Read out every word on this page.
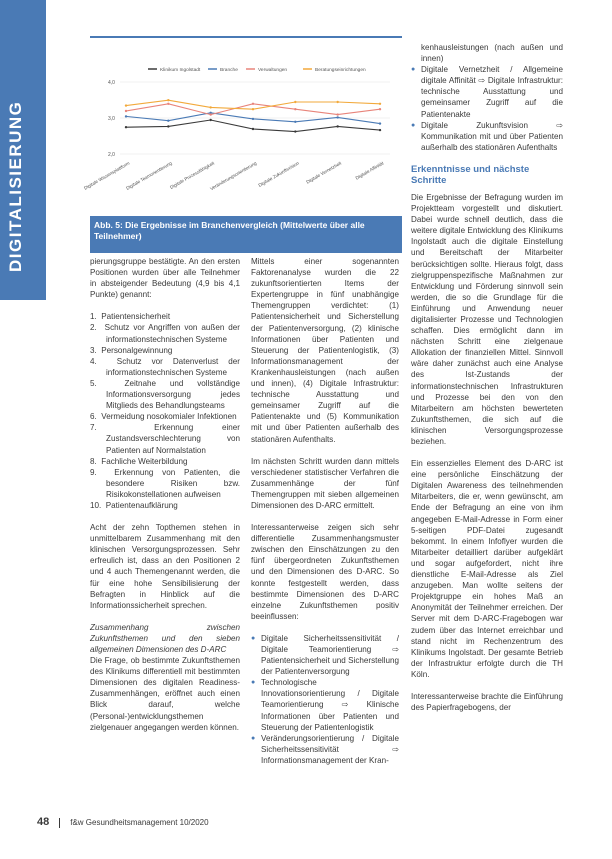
DIGITALISIERUNG
Klinikum Ingolstadt	Branche	Verwaltungen	Beratungseinrichtungen
4,0
3,0
2,0
Digitale Wissensplattform
Digitale Teamorientierung
Digitale Prozessfähigkeit
Veränderungsorientierung Digitale Zukunftsvision Digitale Vernetzheit	Digitale Affinität
Abb. 5: Die Ergebnisse im Branchenvergleich (Mittelwerte über alle Teilnehmer)

pierungsgruppe bestätigte. An den ersten Positionen wurden über alle Teilnehmer in absteigender Bedeutung (4,9 bis 4,1 Punkte) genannt:

1.  Patientensicherheit
2.  Schutz vor Angriffen von außen der informationstechnischen Systeme
3.  Personalgewinnung
4.  Schutz vor Datenverlust der informationstechnischen Systeme
5.  Zeitnahe und vollständige Informationsversorgung jedes Mitglieds des Behandlungsteams
6.  Vermeidung nosokomialer Infektionen
7.  Erkennung einer Zustandsverschlechterung von Patienten auf Normalstation
8.  Fachliche Weiterbildung
9.  Erkennung von Patienten, die besondere Risiken bzw. Risikokonstellationen aufweisen
10.  Patientenaufklärung

Acht der zehn Topthemen stehen in unmittelbarem Zusammenhang mit den klinischen Versorgungsprozessen. Sehr erfreulich ist, dass an den Positionen 2 und 4 auch Themengenannt werden, die für eine hohe Sensibilisierung der Befragten in Hinblick auf die Informationssicherheit sprechen.

Zusammenhang zwischen Zukunftsthemen und den sieben allgemeinen Dimensionen des D-ARC

Die Frage, ob bestimmte Zukunftsthemen des Klinikums differentiell mit bestimmten Dimensionen des digitalen Readiness-Zusammenhängen, eröffnet auch einen Blick darauf, welche (Personal-)entwicklungsthemen zielgenauer angegangen werden können.

Mittels einer sogenannten Faktorenanalyse wurden die 22 zukunftsorientierten Items der Expertengruppe in fünf unabhängige Themengruppen verdichtet: (1) Patientensicherheit und Sicherstellung der Patientenversorgung, (2) klinische Informationen über Patienten und Steuerung der Patientenlogistik, (3) Informationsmanagement der Krankenhausleistungen (nach außen und innen), (4) Digitale Infrastruktur: technische Ausstattung und gemeinsamer Zugriff auf die Patientenakte und (5) Kommunikation mit und über Patienten außerhalb des stationären Aufenthalts.

Im nächsten Schritt wurden dann mittels verschiedener statistischer Verfahren die Zusammenhänge der fünf Themengruppen mit sieben allgemeinen Dimensionen des D-ARC ermittelt.

Interessanterweise zeigen sich sehr differentielle Zusammenhangsmuster zwischen den Einschätzungen zu den fünf übergeordneten Zukunftsthemen und den Dimensionen des D-ARC. So konnte festgestellt werden, dass bestimmte Dimensionen des D-ARC einzelne Zukunftsthemen positiv beeinflussen:

● Digitale Sicherheitssensitivität / Digitale Teamorientierung ⇨ Patientensicherheit und Sicherstellung der Patientenversorgung
● Technologische Innovationsorientierung / Digitale Teamorientierung ⇨ Klinische Informationen über Patienten und Steuerung der Patientenlogistik
● Veränderungsorientierung / Digitale Sicherheitssensitivität ⇨ Informationsmanagement der Kran-

kenhausleistungen (nach außen und innen)

● Digitale Vernetzheit / Allgemeine digitale Affinität ⇨ Digitale Infrastruktur: technische Ausstattung und gemeinsamer Zugriff auf die Patientenakte
● Digitale Zukunftsvision ⇨ Kommunikation mit und über Patienten außerhalb des stationären Aufenthalts
Erkenntnisse und nächste Schritte

Die Ergebnisse der Befragung wurden im Projektteam vorgestellt und diskutiert. Dabei wurde schnell deutlich, dass die weitere digitale Entwicklung des Klinikums Ingolstadt auch die digitale Einstellung und Bereitschaft der Mitarbeiter berücksichtigen sollte. Hieraus folgt, dass zielgruppenspezifische Maßnahmen zur Entwicklung und Förderung sinnvoll sein werden, die so die Grundlage für die Einführung und Anwendung neuer digitalisierter Prozesse und Technologien schaffen. Dies ermöglicht dann im nächsten Schritt eine zielgenaue Allokation der finanziellen Mittel. Sinnvoll wäre daher zunächst auch eine Analyse des Ist-Zustands der informationstechnischen Infrastrukturen und Prozesse bei den von den Mitarbeitern am höchsten bewerteten Zukunftsthemen, die sich auf die klinischen Versorgungsprozesse beziehen.

Ein essenzielles Element des D-ARC ist eine persönliche Einschätzung der Digitalen Awareness des teilnehmenden Mitarbeiters, die er, wenn gewünscht, am Ende der Befragung an eine von ihm angegeben E-Mail-Adresse in Form einer 5-seitigen PDF-Datei zugesandt bekommt. In einem Infoflyer wurden die Mitarbeiter detailliert darüber aufgeklärt und sogar aufgefordert, nicht ihre dienstliche E-Mail-Adresse als Ziel anzugeben. Man wollte seitens der Projektgruppe ein hohes Maß an Anonymität der Teilnehmer erreichen. Der Server mit dem D-ARC-Fragebogen war zudem über das Internet erreichbar und stand nicht im Rechenzentrum des Klinikums Ingolstadt. Der gesamte Betrieb der Infrastruktur erfolgte durch die TH Köln.

Interessanterweise brachte die Einführung des Papierfragebogens, der

48	f&w Gesundheitsmanagement 10/2020
